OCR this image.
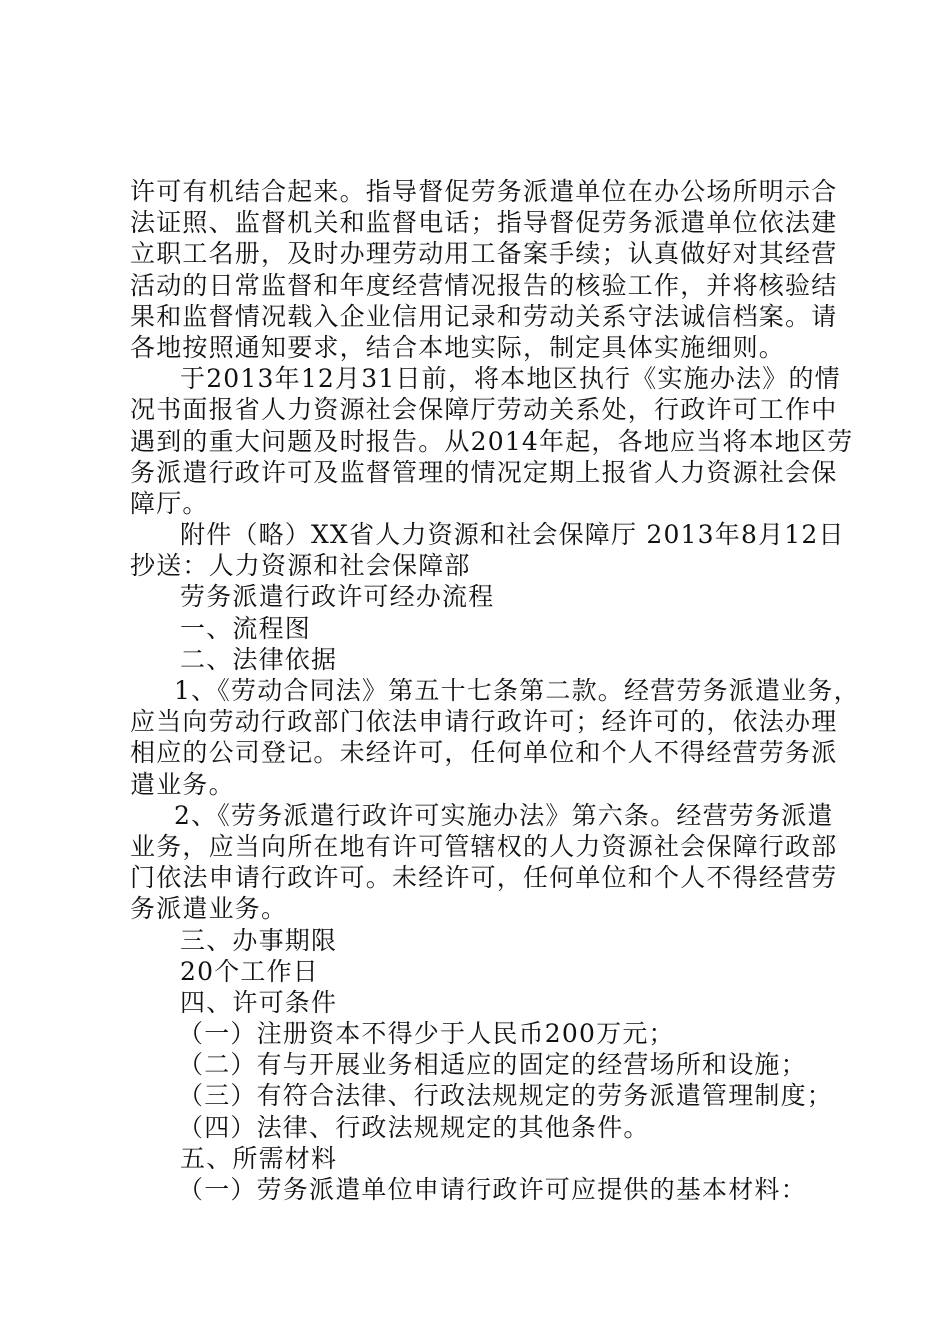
许可有机结合起来。指导督促劳务派遣单位在办公场所明示合
法证照、监督机关和监督电话；指导督促劳务派遣单位依法建
立职工名册，及时办理劳动用工备案手续；认真做好对其经营
活动的日常监督和年度经营情况报告的核验工作，并将核验结
果和监督情况载入企业信用记录和劳动关系守法诚信档案。请
各地按照通知要求，结合本地实际，制定具体实施细则。
于2013年12月31日前，将本地区执行《实施办法》的情
况书面报省人力资源社会保障厅劳动关系处，行政许可工作中
遇到的重大问题及时报告。从2014年起，各地应当将本地区劳
务派遣行政许可及监督管理的情况定期上报省人力资源社会保
障厅。
附件（略）XX省人力资源和社会保障厅 2013年8月12日
抄送：人力资源和社会保障部
劳务派遣行政许可经办流程
一、流程图
二、法律依据
1、《劳动合同法》第五十七条第二款。经营劳务派遣业务，
应当向劳动行政部门依法申请行政许可；经许可的，依法办理
相应的公司登记。未经许可，任何单位和个人不得经营劳务派
遣业务。
2、《劳务派遣行政许可实施办法》第六条。经营劳务派遣
业务，应当向所在地有许可管辖权的人力资源社会保障行政部
门依法申请行政许可。未经许可，任何单位和个人不得经营劳
务派遣业务。
三、办事期限
20个工作日
四、许可条件
（一）注册资本不得少于人民币200万元；
（二）有与开展业务相适应的固定的经营场所和设施；
（三）有符合法律、行政法规规定的劳务派遣管理制度；
（四）法律、行政法规规定的其他条件。
五、所需材料
（一）劳务派遣单位申请行政许可应提供的基本材料：
